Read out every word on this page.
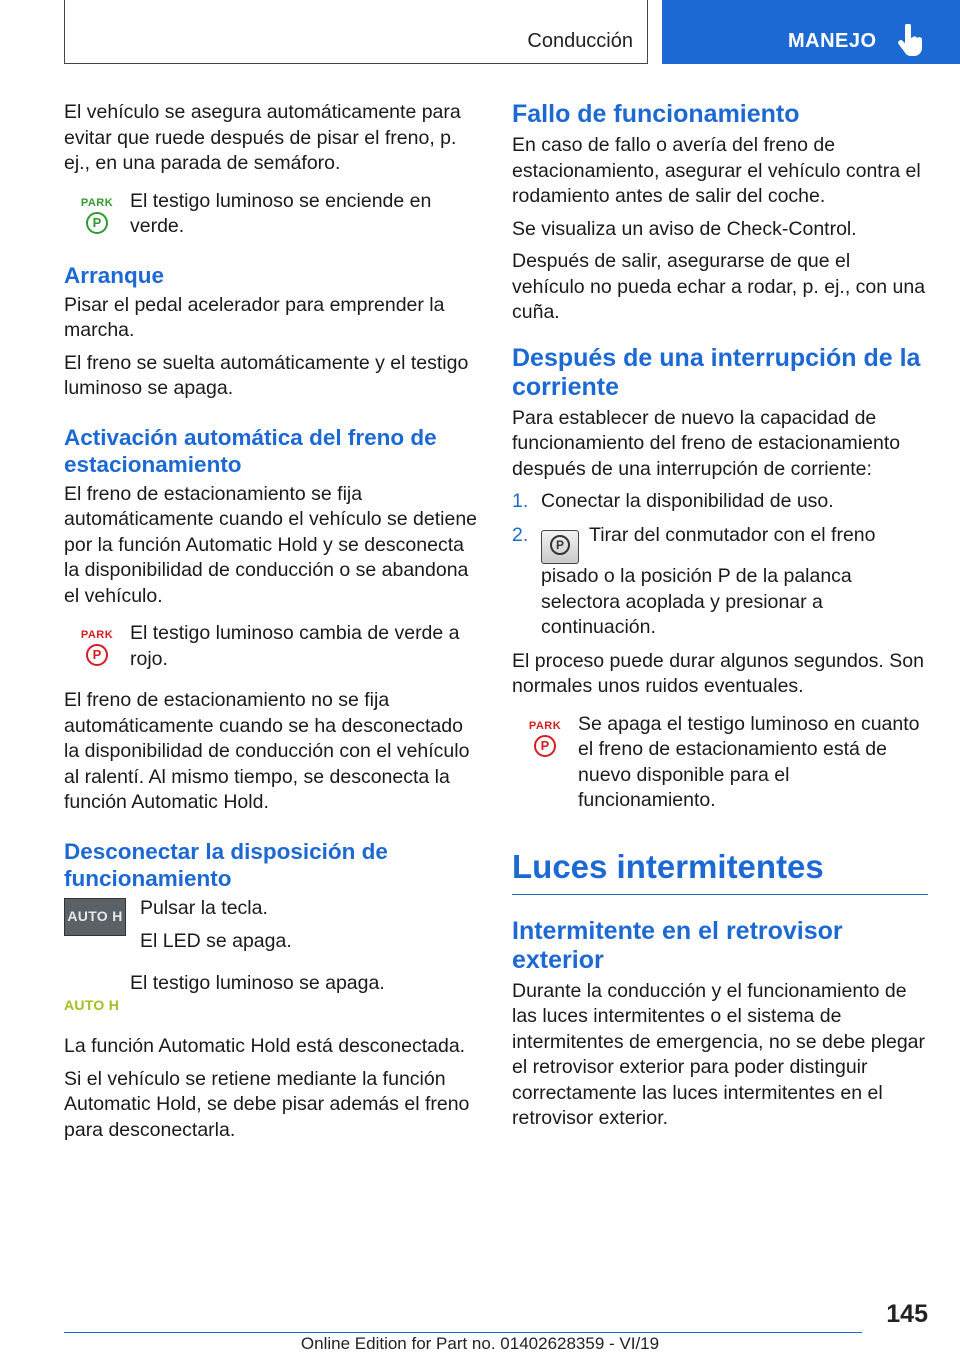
Conducción	MANEJO

El vehículo se asegura automáticamente para evitar que ruede después de pisar el freno, p. ej., en una parada de semáforo.

PARK
P
El testigo luminoso se enciende en verde.
Arranque

Pisar el pedal acelerador para emprender la marcha.

El freno se suelta automáticamente y el testigo luminoso se apaga.

Activación automática del freno de estacionamiento

El freno de estacionamiento se fija automáticamente cuando el vehículo se detiene por la función Automatic Hold y se desconecta la disponibilidad de conducción o se abandona el vehículo.

PARK
P
El testigo luminoso cambia de verde a rojo.

El freno de estacionamiento no se fija automáticamente cuando se ha desconectado la disponibilidad de conducción con el vehículo al ralentí. Al mismo tiempo, se desconecta la función Automatic Hold.

Desconectar la disposición de funcionamiento
AUTO H Pulsar la tecla.
El LED se apaga.
AUTO H
El testigo luminoso se apaga.

La función Automatic Hold está desconectada.

Si el vehículo se retiene mediante la función Automatic Hold, se debe pisar además el freno para desconectarla.

Fallo de funcionamiento

En caso de fallo o avería del freno de estacionamiento, asegurar el vehículo contra el rodamiento antes de salir del coche.

Se visualiza un aviso de Check-Control.

Después de salir, asegurarse de que el vehículo no pueda echar a rodar, p. ej., con una cuña.

Después de una interrupción de la corriente

Para establecer de nuevo la capacidad de funcionamiento del freno de estacionamiento después de una interrupción de corriente:

1. Conectar la disponibilidad de uso.
2.	P	Tirar del conmutador con el freno pisado o la posición P de la palanca selectora acoplada y presionar a continuación.

El proceso puede durar algunos segundos. Son normales unos ruidos eventuales.

PARK
P
Se apaga el testigo luminoso en cuanto el freno de estacionamiento está de nuevo disponible para el funcionamiento.
Luces intermitentes
Intermitente en el retrovisor exterior

Durante la conducción y el funcionamiento de las luces intermitentes o el sistema de intermitentes de emergencia, no se debe plegar el retrovisor exterior para poder distinguir correctamente las luces intermitentes en el retrovisor exterior.

145
Online Edition for Part no. 01402628359 - VI/19
